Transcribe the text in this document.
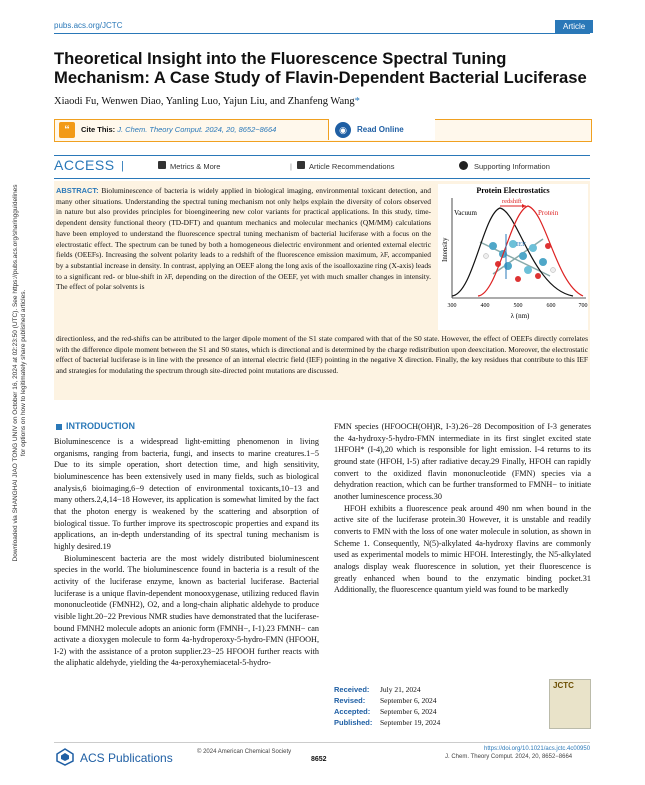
pubs.acs.org/JCTC	Article
Theoretical Insight into the Fluorescence Spectral Tuning Mechanism: A Case Study of Flavin-Dependent Bacterial Luciferase
Xiaodi Fu, Wenwen Diao, Yanling Luo, Yajun Liu, and Zhanfeng Wang*
“	Cite This: J. Chem. Theory Comput. 2024, 20, 8652−8664	◉	Read Online
ACCESS |	Metrics & More	| Article Recommendations	Supporting Information
ABSTRACT: Bioluminescence of bacteria is widely applied in biological imaging, environmental toxicant detection, and many other situations. Understanding the spectral tuning mechanism not only helps explain the diversity of colors observed in nature but also provides principles for bioengineering new color variants for practical applications. In this study, time-dependent density functional theory (TD-DFT) and quantum mechanics and molecular mechanics (QM/MM) calculations have been employed to understand the fluorescence spectral tuning mechanism of bacterial luciferase with a focus on the electrostatic effect. The spectrum can be tuned by both a homogeneous dielectric environment and oriented external electric fields (OEEFs). Increasing the solvent polarity leads to a redshift of the fluorescence emission maximum, λF, accompanied by a substantial increase in density. In contrast, applying an OEEF along the long axis of the isoalloxazine ring (X-axis) leads to a significant red- or blue-shift in λF, depending on the direction of the OEEF, yet with much smaller changes in intensity. The effect of polar solvents is
directionless, and the red-shifts can be attributed to the larger dipole moment of the S1 state compared with that of the S0 state. However, the effect of OEEFs directly correlates with the difference dipole moment between the S1 and S0 states, which is directional and is determined by the charge redistribution upon deexcitation. Moreover, the electrostatic effect of bacterial luciferase is in line with the presence of an internal electric field (IEF) pointing in the negative X direction. Finally, the key residues that contribute to this IEF and strategies for modulating the spectrum through site-directed point mutations are discussed.
Protein Electrostatics
redshift
Vacuum	Protein
IEF
Intensity
300	400	500	600	700
λ (nm)
Downloaded via SHANGHAI JIAO TONG UNIV on October 16, 2024 at 02:23:50 (UTC). See https://pubs.acs.org/sharingguidelines for options on how to legitimately share published articles.	INTRODUCTION

Bioluminescence is a widespread light-emitting phenomenon in living organisms, ranging from bacteria, fungi, and insects to marine creatures.1−5 Due to its simple operation, short detection time, and high sensitivity, bioluminescence has been extensively used in many fields, such as biological analysis,6 bioimaging,6−9 detection of environmental toxicants,10−13 and many others.2,4,14−18 However, its application is somewhat limited by the fact that the photon energy is weakened by the scattering and absorption of biological tissue. To further improve its spectroscopic properties and expand its applications, an in-depth understanding of its spectral tuning mechanism is highly desired.19

Bioluminescent bacteria are the most widely distributed bioluminescent species in the world. The bioluminescence found in bacteria is a result of the activity of the luciferase enzyme, known as bacterial luciferase. Bacterial luciferase is a unique flavin-dependent monooxygenase, utilizing reduced flavin mononucleotide (FMNH2), O2, and a long-chain aliphatic aldehyde to produce visible light.20−22 Previous NMR studies have demonstrated that the luciferase-bound FMNH2 molecule adopts an anionic form (FMNH−, I-1).23 FMNH− can activate a dioxygen molecule to form 4a-hydroperoxy-5-hydro-FMN (HFOOH, I-2) with the assistance of a proton supplier.23−25 HFOOH further reacts with the aliphatic aldehyde, yielding the 4a-peroxyhemiacetal-5-hydro-

FMN species (HFOOCH(OH)R, I-3).26−28 Decomposition of I-3 generates the 4a-hydroxy-5-hydro-FMN intermediate in its first singlet excited state 1HFOH* (I-4),20 which is responsible for light emission. I-4 returns to its ground state (HFOH, I-5) after radiative decay.29 Finally, HFOH can rapidly convert to the oxidized flavin mononucleotide (FMN) species via a dehydration reaction, which can be further transformed to FMNH− to initiate another luminescence process.30

HFOH exhibits a fluorescence peak around 490 nm when bound in the active site of the luciferase protein.30 However, it is unstable and readily converts to FMN with the loss of one water molecule in solution, as shown in Scheme 1. Consequently, N(5)-alkylated 4a-hydroxy flavins are commonly used as experimental models to mimic HFOH. Interestingly, the N5-alkylated analogs display weak fluorescence in solution, yet their fluorescence is greatly enhanced when bound to the enzymatic binding pocket.31 Additionally, the fluorescence quantum yield was found to be markedly

Received: July 21, 2024
Revised: September 6, 2024
Accepted: September 6, 2024
Published: September 19, 2024
JCTC
ACS Publications	© 2024 American Chemical Society
8652
https://doi.org/10.1021/acs.jctc.4c00950
J. Chem. Theory Comput. 2024, 20, 8652−8664
